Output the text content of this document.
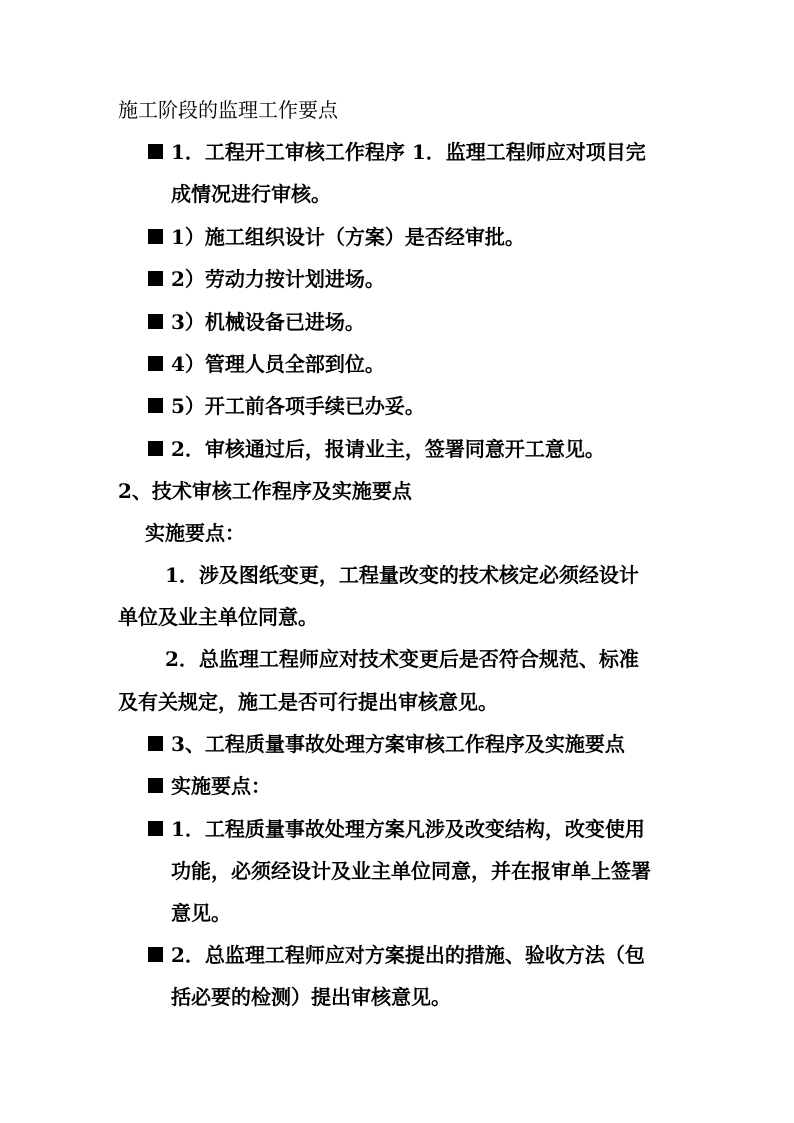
施工阶段的监理工作要点
1．工程开工审核工作程序 1．监理工程师应对项目完
成情况进行审核。
1）施工组织设计（方案）是否经审批。
2）劳动力按计划进场。
3）机械设备已进场。
4）管理人员全部到位。
5）开工前各项手续已办妥。
2．审核通过后，报请业主，签署同意开工意见。
2、技术审核工作程序及实施要点
实施要点：
1．涉及图纸变更，工程量改变的技术核定必须经设计
单位及业主单位同意。
2．总监理工程师应对技术变更后是否符合规范、标准
及有关规定，施工是否可行提出审核意见。
3、工程质量事故处理方案审核工作程序及实施要点
实施要点：
1．工程质量事故处理方案凡涉及改变结构，改变使用
功能，必须经设计及业主单位同意，并在报审单上签署
意见。
2．总监理工程师应对方案提出的措施、验收方法（包
括必要的检测）提出审核意见。
